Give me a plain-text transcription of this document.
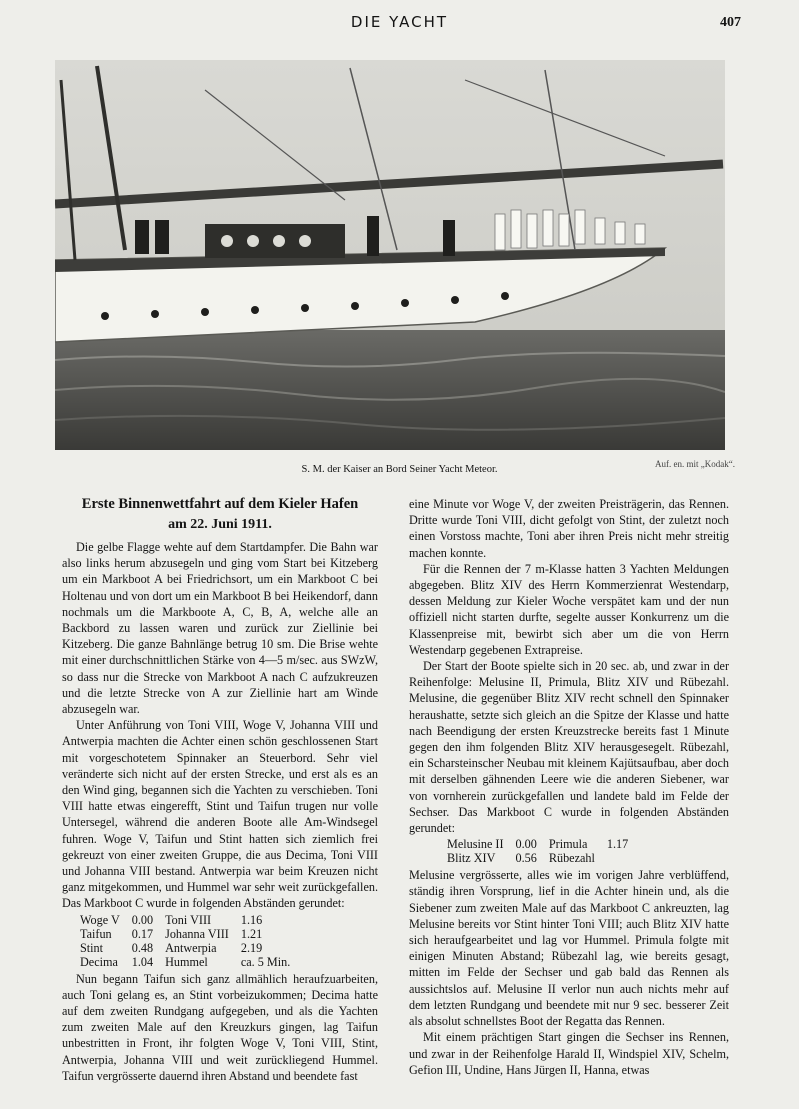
DIE YACHT	407
S. M. der Kaiser an Bord Seiner Yacht Meteor.	Auf. en. mit „Kodak“.
Erste Binnenwettfahrt auf dem Kieler Hafen
am 22. Juni 1911.

Die gelbe Flagge wehte auf dem Startdampfer. Die Bahn war also links herum abzusegeln und ging vom Start bei Kitzeberg um ein Markboot A bei Friedrichsort, um ein Markboot C bei Holtenau und von dort um ein Markboot B bei Heikendorf, dann nochmals um die Markboote A, C, B, A, welche alle an Backbord zu lassen waren und zurück zur Ziellinie bei Kitzeberg. Die ganze Bahnlänge betrug 10 sm. Die Brise wehte mit einer durchschnittlichen Stärke von 4—5 m/sec. aus SWzW, so dass nur die Strecke von Markboot A nach C aufzukreuzen und die letzte Strecke von A zur Ziellinie hart am Winde abzusegeln war.

Unter Anführung von Toni VIII, Woge V, Johanna VIII und Antwerpia machten die Achter einen schön geschlossenen Start mit vorgeschotetem Spinnaker an Steuerbord. Sehr viel veränderte sich nicht auf der ersten Strecke, und erst als es an den Wind ging, begannen sich die Yachten zu verschieben. Toni VIII hatte etwas eingerefft, Stint und Taifun trugen nur volle Untersegel, während die anderen Boote alle Am-Windsegel fuhren. Woge V, Taifun und Stint hatten sich ziemlich frei gekreuzt von einer zweiten Gruppe, die aus Decima, Toni VIII und Johanna VIII bestand. Antwerpia war beim Kreuzen nicht ganz mitgekommen, und Hummel war sehr weit zurückgefallen. Das Markboot C wurde in folgenden Abständen gerundet:

Woge V	0.00	Toni VIII	1.16
Taifun	0.17	Johanna VIII	1.21
Stint	0.48	Antwerpia	2.19
Decima	1.04	Hummel	ca. 5 Min.

Nun begann Taifun sich ganz allmählich heraufzuarbeiten, auch Toni gelang es, an Stint vorbeizukommen; Decima hatte auf dem zweiten Rundgang aufgegeben, und als die Yachten zum zweiten Male auf den Kreuzkurs gingen, lag Taifun unbestritten in Front, ihr folgten Woge V, Toni VIII, Stint, Antwerpia, Johanna VIII und weit zurückliegend Hummel. Taifun vergrösserte dauernd ihren Abstand und beendete fast

eine Minute vor Woge V, der zweiten Preisträgerin, das Rennen. Dritte wurde Toni VIII, dicht gefolgt von Stint, der zuletzt noch einen Vorstoss machte, Toni aber ihren Preis nicht mehr streitig machen konnte.

Für die Rennen der 7 m-Klasse hatten 3 Yachten Meldungen abgegeben. Blitz XIV des Herrn Kommerzienrat Westendarp, dessen Meldung zur Kieler Woche verspätet kam und der nun offiziell nicht starten durfte, segelte ausser Konkurrenz um die Klassenpreise mit, bewirbt sich aber um die von Herrn Westendarp gegebenen Extrapreise.

Der Start der Boote spielte sich in 20 sec. ab, und zwar in der Reihenfolge: Melusine II, Primula, Blitz XIV und Rübezahl. Melusine, die gegenüber Blitz XIV recht schnell den Spinnaker heraushatte, setzte sich gleich an die Spitze der Klasse und hatte nach Beendigung der ersten Kreuzstrecke bereits fast 1 Minute gegen den ihm folgenden Blitz XIV herausgesegelt. Rübezahl, ein Scharsteinscher Neubau mit kleinem Kajütsaufbau, aber doch mit derselben gähnenden Leere wie die anderen Siebener, war von vornherein zurückgefallen und landete bald im Felde der Sechser. Das Markboot C wurde in folgenden Abständen gerundet:

Melusine II	0.00	Primula	1.17
Blitz XIV	0.56	Rübezahl	

Melusine vergrösserte, alles wie im vorigen Jahre verblüffend, ständig ihren Vorsprung, lief in die Achter hinein und, als die Siebener zum zweiten Male auf das Markboot C ankreuzten, lag Melusine bereits vor Stint hinter Toni VIII; auch Blitz XIV hatte sich heraufgearbeitet und lag vor Hummel. Primula folgte mit einigen Minuten Abstand; Rübezahl lag, wie bereits gesagt, mitten im Felde der Sechser und gab bald das Rennen als aussichtslos auf. Melusine II verlor nun auch nichts mehr auf dem letzten Rundgang und beendete mit nur 9 sec. besserer Zeit als absolut schnellstes Boot der Regatta das Rennen.

Mit einem prächtigen Start gingen die Sechser ins Rennen, und zwar in der Reihenfolge Harald II, Windspiel XIV, Schelm, Gefion III, Undine, Hans Jürgen II, Hanna, etwas
